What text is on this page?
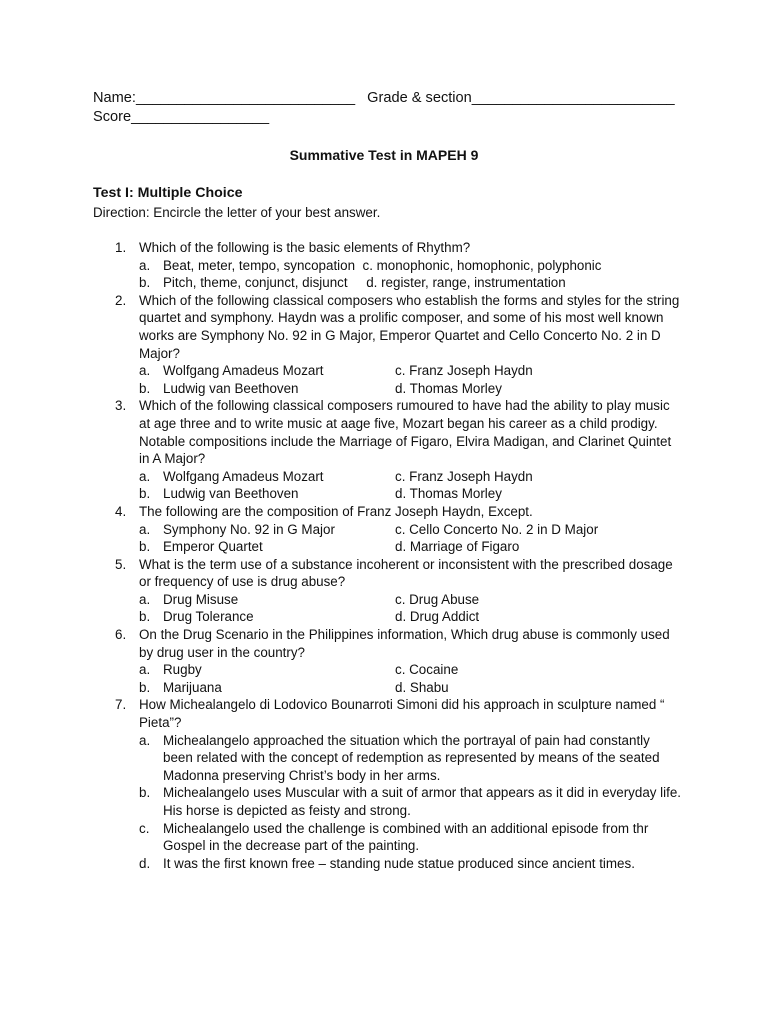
Name:___________________________ Grade & section_________________________
Score_________________
Summative Test in MAPEH 9
Test I: Multiple Choice
Direction: Encircle the letter of your best answer.
1. Which of the following is the basic elements of Rhythm?
a. Beat, meter, tempo, syncopation c. monophonic, homophonic, polyphonic
b. Pitch, theme, conjunct, disjunct d. register, range, instrumentation
2. Which of the following classical composers who establish the forms and styles for the string quartet and symphony. Haydn was a prolific composer, and some of his most well known works are Symphony No. 92 in G Major, Emperor Quartet and Cello Concerto No. 2 in D Major?
a. Wolfgang Amadeus Mozart	c. Franz Joseph Haydn
b. Ludwig van Beethoven	d. Thomas Morley
3. Which of the following classical composers rumoured to have had the ability to play music at age three and to write music at aage five, Mozart began his career as a child prodigy. Notable compositions include the Marriage of Figaro, Elvira Madigan, and Clarinet Quintet in A Major?
a. Wolfgang Amadeus Mozart	c. Franz Joseph Haydn
b. Ludwig van Beethoven	d. Thomas Morley
4. The following are the composition of Franz Joseph Haydn, Except.
a. Symphony No. 92 in G Major	c. Cello Concerto No. 2 in D Major
b. Emperor Quartet	d. Marriage of Figaro
5. What is the term use of a substance incoherent or inconsistent with the prescribed dosage or frequency of use is drug abuse?
a. Drug Misuse	c. Drug Abuse
b. Drug Tolerance	d. Drug Addict
6. On the Drug Scenario in the Philippines information, Which drug abuse is commonly used by drug user in the country?
a. Rugby	c. Cocaine
b. Marijuana	d. Shabu
7. How Michealangelo di Lodovico Bounarroti Simoni did his approach in sculpture named “ Pieta”?
a. Michealangelo approached the situation which the portrayal of pain had constantly been related with the concept of redemption as represented by means of the seated Madonna preserving Christ’s body in her arms.
b. Michealangelo uses Muscular with a suit of armor that appears as it did in everyday life. His horse is depicted as feisty and strong.
c. Michealangelo used the challenge is combined with an additional episode from thr Gospel in the decrease part of the painting.
d. It was the first known free – standing nude statue produced since ancient times.
